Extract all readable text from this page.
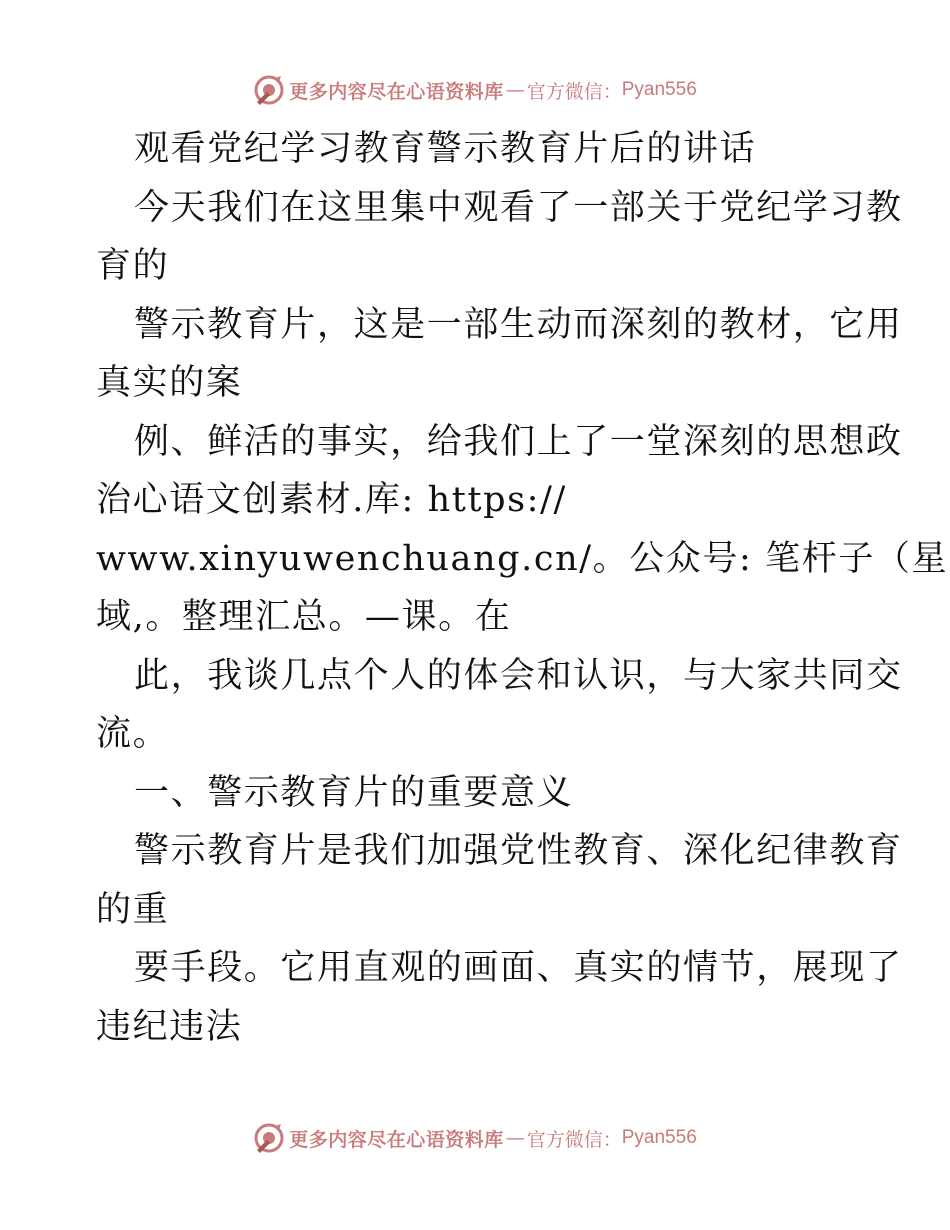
更多内容尽在心语资料库 — 官方微信： Pyan556
观看党纪学习教育警示教育片后的讲话
今天我们在这里集中观看了一部关于党纪学习教
育的
警示教育片，这是一部生动而深刻的教材，它用
真实的案
例、鲜活的事实，给我们上了一堂深刻的思想政
治心语文创素材.库: https://
www.xinyuwenchuang.cn/。公众号: 笔杆子（星
域,。整理汇总。—课。在
此，我谈几点个人的体会和认识，与大家共同交
流。
一、警示教育片的重要意义
警示教育片是我们加强党性教育、深化纪律教育
的重
要手段。它用直观的画面、真实的情节，展现了
违纪违法
更多内容尽在心语资料库 — 官方微信： Pyan556
